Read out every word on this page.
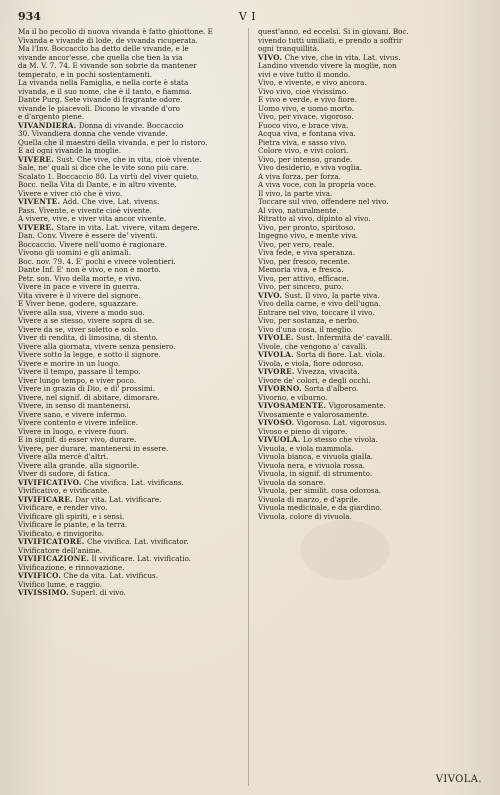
934	V I
Ma il bo pecolio di nuova vivanda è fatto ghiottone. E
Vivanda e vivande di lode, de vivanda ricuperata.
Ma l'Inv. Boccaccio ha detto delle vivande, e le
vivande ancor'esse, che quella che tien la via
da M. V. 7. 74. E vivande son sobrie da mantener
temperato, e in pochi sostentamenti.
La vivanda nella Famiglia, e nella corte è stata
vivanda, e il suo nome, che è il tanto, e fiamma.
Dante Purg. Sete vivande di fragrante odore.
vivande le piacevoli. Dicono le vivande d'oro
e d'argento piene.
VIVANDIERA. Donna di vivande. Boccaccio
30. Vivandiera donna che vende vivande.
Quella che il maestro della vivanda, e per lo ristoro.
E ad ogni vivande la moglie.
VIVERE. Sust. Che vive, che in vita, cioè vivente.
Sale, ne' quali si dice che le vite sono più care.
Scalato 1. Boccaccio 80. La virtù del viver quieto.
Bocc. nella Vita di Dante, e in altro vivente.
Vivere e viver ciò che è vivo.
VIVENTE. Add. Che vive. Lat. vivens.
Pass. Vivente, e vivente cioè vivente.
A vivere, vive, e viver vita ancor vivente.
VIVERE. Stare in vita. Lat. vivere, vitam degere.
Dan. Conv. Vivere è essere de' viventi.
Boccaccio. Vivere nell'uomo è ragionare.
Vivono gli uomini e gli animali.
Boc. nov. 79. 4. E' pochi e vivere volentieri.
Dante Inf. E' non è vivo, e non è morto.
Petr. son. Vivo della morte, e vivo.
Vivere in pace e vivere in guerra.
Vita vivere è il vivere del signore.
E Viver bene, godere, sguazzare.
Vivere alla sua, vivere a modo suo.
Vivere a se stesso, vivere sopra di se.
Vivere da se, viver soletto e solo.
Viver di rendita, di limosina, di stento.
Vivere alla giornata, vivere senza pensiero.
Vivere sotto la legge, e sotto il signore.
Vivere e morire in un luogo.
Vivere il tempo, passare il tempo.
Viver lungo tempo, e viver poco.
Vivere in grazia di Dio, e di' prossimi.
Vivere, nel signif. di abitare, dimorare.
Vivere, in senso di mantenersi.
Vivere sano, e vivere infermo.
Vivere contento e vivere infelice.
Vivere in luogo, e vivere fuori.
E in signif. di esser vivo, durare.
Vivere, per durare, mantenersi in essere.
Vivere alla mercè d'altri.
Vivere alla grande, alla signorile.
Viver di sudore, di fatica.
VIVIFICATIVO. Che vivifica. Lat. vivificans.
Vivificativo, e vivificante.
VIVIFICARE. Dar vita. Lat. vivificare.
Vivificare, e render vivo.
Vivificare gli spiriti, e i sensi.
Vivificare le piante, e la terra.
Vivificato, e rinvigorito.
VIVIFICATORE. Che vivifica. Lat. vivificator.
Vivificatore dell'anime.
VIVIFICAZIONE. Il vivificare. Lat. vivificatio.
Vivificazione, e rinnovazione.
VIVIFICO. Che da vita. Lat. vivificus.
Vivifico lume, e raggio.
VIVISSIMO. Superl. di vivo.
quest'anno, ed eccelsi. Si in giovani. Boc.
vivendo tutti umiliati, e prendo a soffrir
ogni tranquillità.
VIVO. Che vive, che in vita. Lat. vivus.
Landino vivendo vivere la moglie, non
vivi e vive tutto il mondo.
Vivo, e vivente, e vivo ancora.
Vivo vivo, cioè vivissimo.
E vivo e verde, e vivo fiore.
Uomo vivo, e uomo morto.
Vivo, per vivace, vigoroso.
Fuoco vivo, e brace viva.
Acqua viva, e fontana viva.
Pietra viva, e sasso vivo.
Colore vivo, e vivi colori.
Vivo, per intenso, grande.
Vivo desiderio, e viva voglia.
A viva forza, per forza.
A viva voce, con la propria voce.
Il vivo, la parte viva.
Toccare sul vivo, offendere nel vivo.
Al vivo, naturalmente.
Ritratto al vivo, dipinto al vivo.
Vivo, per pronto, spiritoso.
Ingegno vivo, e mente viva.
Vivo, per vero, reale.
Viva fede, e viva speranza.
Vivo, per fresco, recente.
Memoria viva, e fresca.
Vivo, per attivo, efficace.
Vivo, per sincero, puro.
VIVO. Sust. Il vivo, la parte viva.
Vivo della carne, e vivo dell'ugna.
Entrare nel vivo, toccare il vivo.
Vivo, per sostanza, e nerbo.
Vivo d'una cosa, il meglio.
VIVOLE. Sust. Infermità de' cavalli.
Vivole, che vengono a' cavalli.
VIVOLA. Sorta di fiore. Lat. viola.
Vivola, e viola, fiore odoroso.
VIVORE. Vivezza, vivacità.
Vivore de' colori, e degli occhi.
VIVORNO. Sorta d'albero.
Vivorno, e viburno.
VIVOSAMENTE. Vigorosamente.
Vivosamente e valorosamente.
VIVOSO. Vigoroso. Lat. vigorosus.
Vivoso e pieno di vigore.
VIVUOLA. Lo stesso che vivola.
Vivuola, e viola mammola.
Vivuola bianca, e vivuola gialla.
Vivuola nera, e vivuola rossa.
Vivuola, in signif. di strumento.
Vivuola da sonare.
Vivuola, per similit. cosa odorosa.
Vivuola di marzo, e d'aprile.
Vivuola medicinale, e da giardino.
Vivuola, colore di vivuola.
VIVOLA.
